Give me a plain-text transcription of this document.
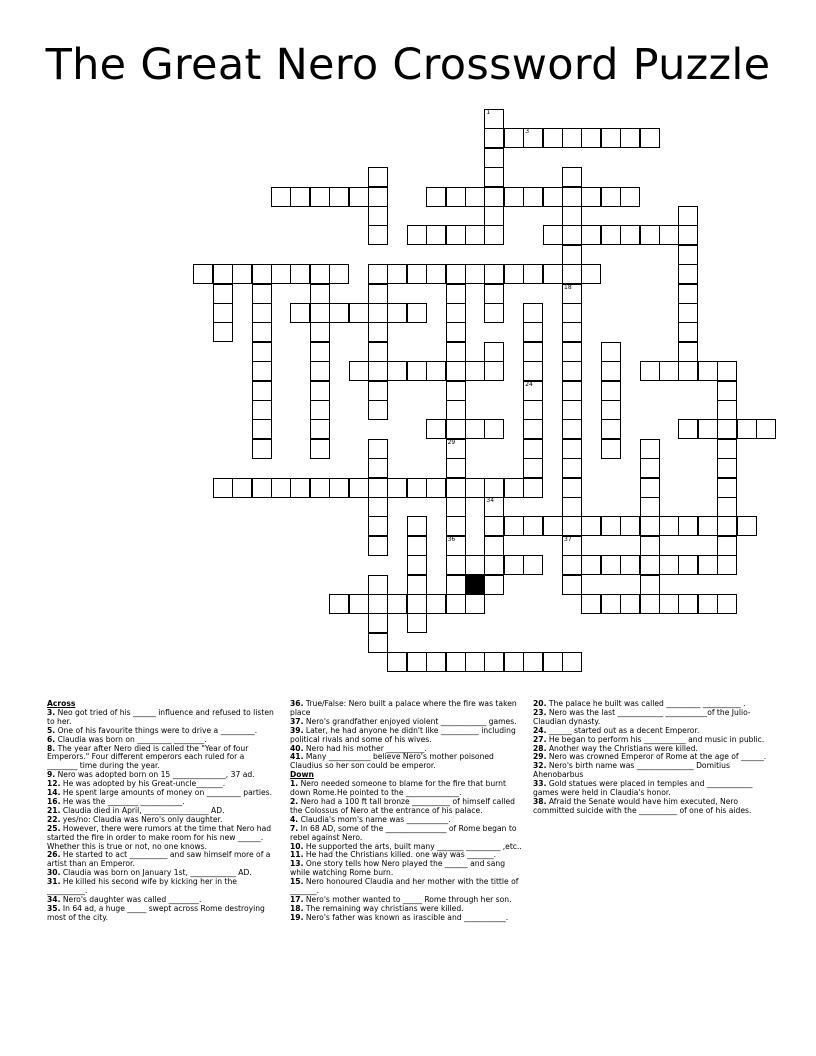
The Great Nero Crossword Puzzle
1
3
18
24
29
34
36	37

Across

3. Neo got tried of his ______ influence and refused to listen to her.

5. One of his favourite things were to drive a _________.

6. Claudia was born on _________ ________.

8. The year after Nero died is called the "Year of four Emperors." Four different emperors each ruled for a ________ time during the year.

9. Nero was adopted born on 15 ______________, 37 ad.

12. He was adopted by his Great-uncle_______.

14. He spent large amounts of money on _________ parties.

16. He was the ________ ___________.

21. Claudia died in April, _________________ AD.

22. yes/no: Claudia was Nero's only daughter.

25. However, there were rumors at the time that Nero had started the fire in order to make room for his new ______. Whether this is true or not, no one knows.

26. He started to act __________ and saw himself more of a artist than an Emperor.

30. Claudia was born on January 1st, ____________ AD.

31. He killed his second wife by kicking her in the __________.

34. Nero's daughter was called ________.

35. In 64 ad, a huge _____ swept across Rome destroying most of the city.

36. True/False: Nero built a palace where the fire was taken place

37. Nero's grandfather enjoyed violent ____________ games.

39. Later, he had anyone he didn't like __________ including political rivals and some of his wives.

40. Nero had his mother __________.

41. Many ___________ believe Nero's mother poisoned Claudius so her son could be emperor.

Down

1. Nero needed someone to blame for the fire that burnt down Rome.He pointed to the ______________.

2. Nero had a 100 ft tall bronze __________ of himself called the Colossus of Nero at the entrance of his palace.

4. Claudia's mom's name was ___________.

7. In 68 AD, some of the ________________ of Rome began to rebel against Nero.

10. He supported the arts, built many _______ _________ ,etc..

11. He had the Christians killed. one way was _______.

13. One story tells how Nero played the ______ and sang while watching Rome burn.

15. Nero honoured Claudia and her mother with the tittle of _______.

17. Nero's mother wanted to _____ Rome through her son.

18. The remaining way christians were killed.

19. Nero's father was known as irascible and ___________.

20. The palace he built was called _________ __________ .

23. Nero was the last ____________ ___________of the Julio-Claudian dynasty.

24. ______ started out as a decent Emperor.

27. He began to perform his ___________ and music in public.

28. Another way the Christians were killed.

29. Nero was crowned Emperor of Rome at the age of ______.

32. Nero's birth name was _______________ Domitius Ahenobarbus

33. Gold statues were placed in temples and ____________ games were held in Claudia's honor.

38. Afraid the Senate would have him executed, Nero committed suicide with the __________ of one of his aides.
